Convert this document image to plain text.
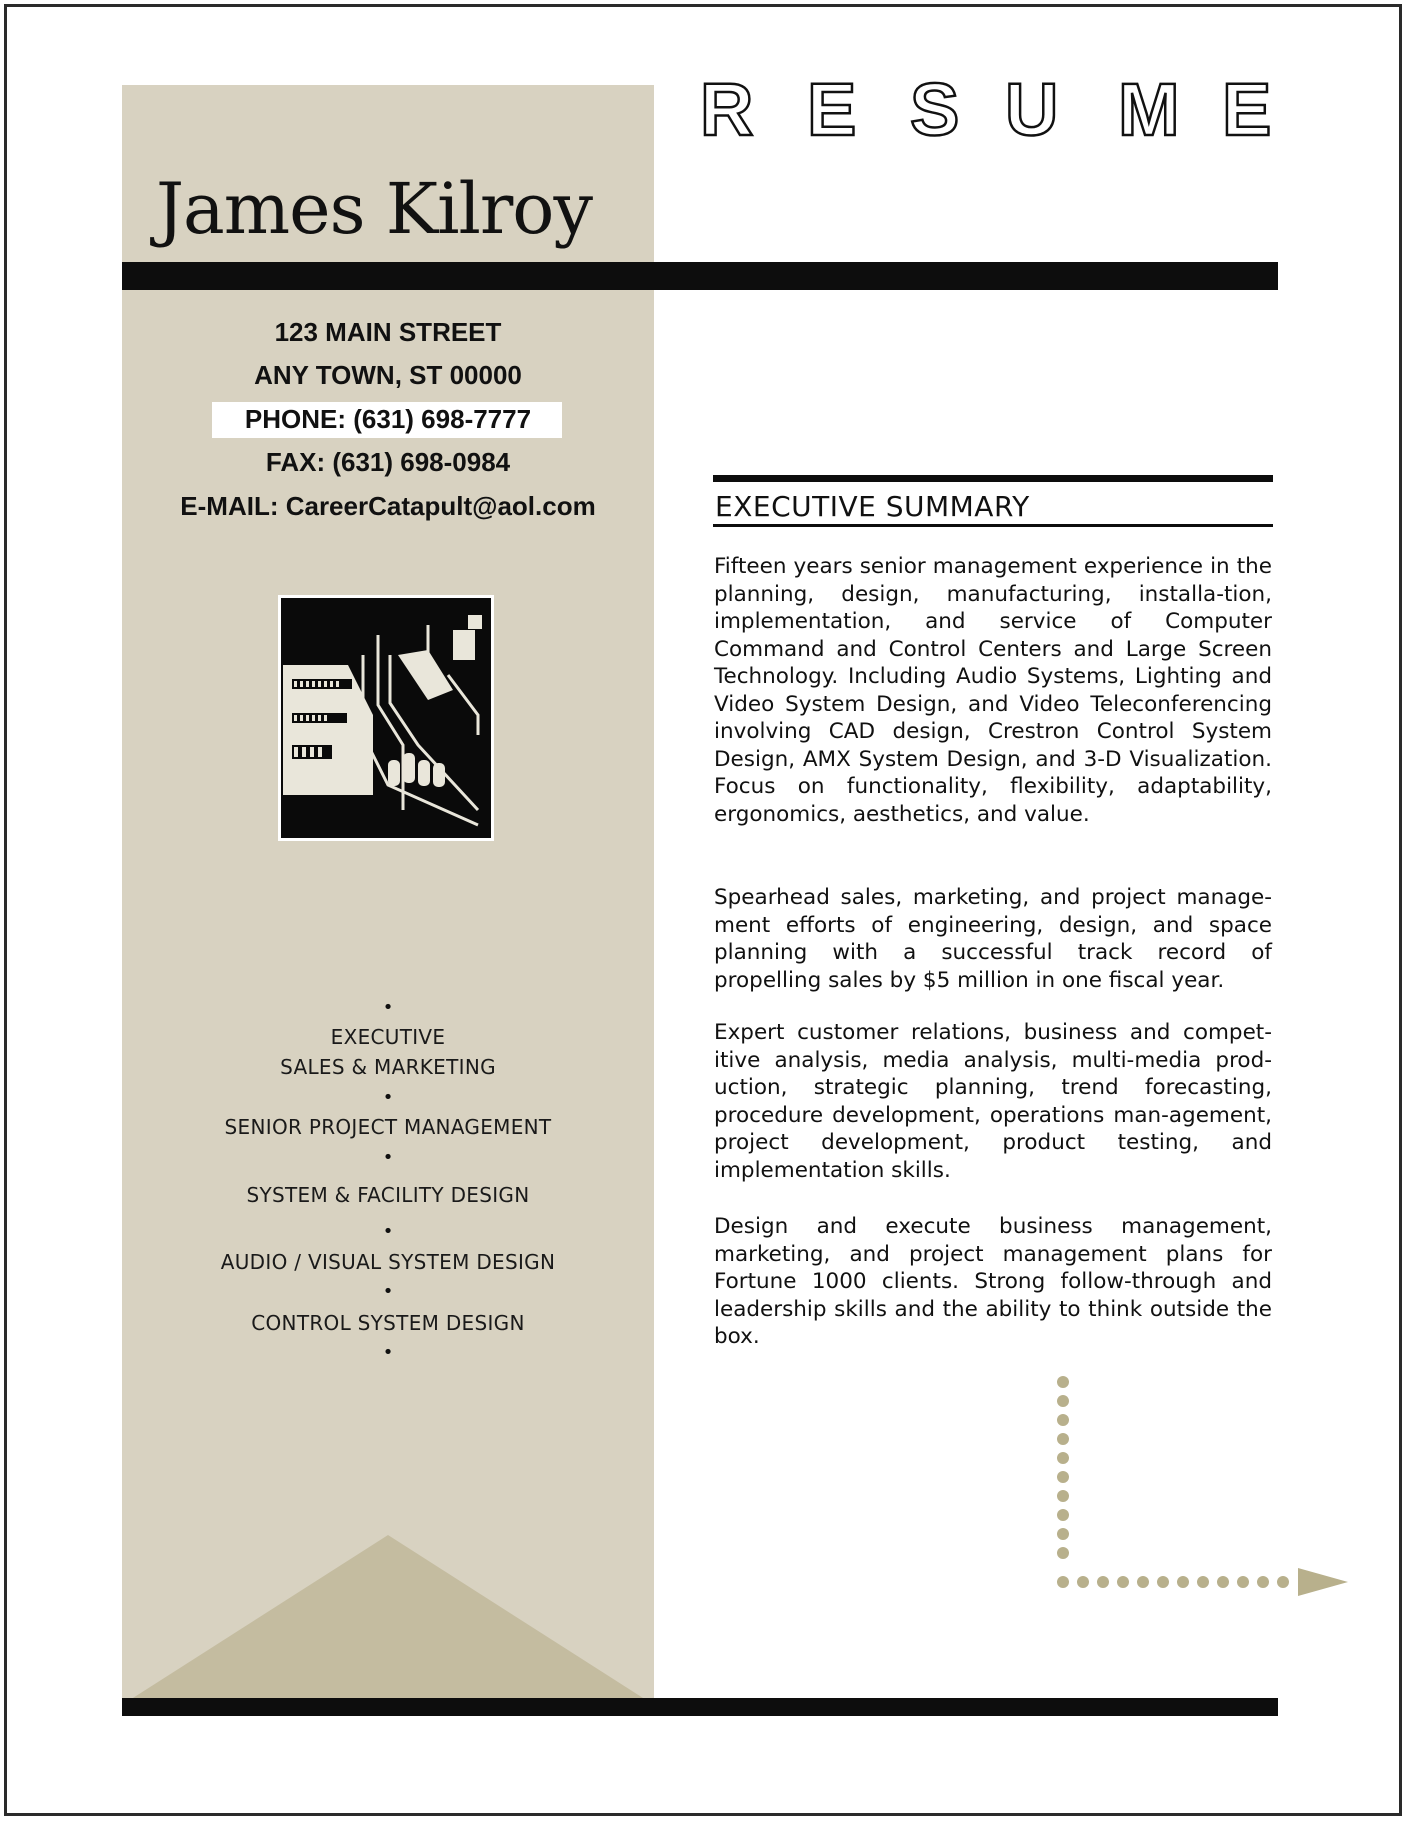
R E S U M E
James Kilroy
123 MAIN STREET
ANY TOWN, ST 00000
PHONE: (631) 698-7777
FAX: (631) 698-0984
E-MAIL: CareerCatapult@aol.com
•
EXECUTIVE
SALES & MARKETING
•
SENIOR PROJECT MANAGEMENT
•
SYSTEM & FACILITY DESIGN
•
AUDIO / VISUAL SYSTEM DESIGN
•
CONTROL SYSTEM DESIGN
•
EXECUTIVE SUMMARY

Fifteen years senior management experience in the planning, design, manufacturing, installa-tion, implementation, and service of Computer Command and Control Centers and Large Screen Technology. Including Audio Systems, Lighting and Video System Design, and Video Teleconferencing involving CAD design, Crestron Control System Design, AMX System Design, and 3-D Visualization. Focus on functionality, flexibility, adaptability, ergonomics, aesthetics, and value.

Spearhead sales, marketing, and project manage-ment efforts of engineering, design, and space planning with a successful track record of propelling sales by $5 million in one fiscal year.

Expert customer relations, business and compet-itive analysis, media analysis, multi-media prod-uction, strategic planning, trend forecasting, procedure development, operations man-agement, project development, product testing, and implementation skills.

Design and execute business management, marketing, and project management plans for Fortune 1000 clients. Strong follow-through and leadership skills and the ability to think outside the box.
